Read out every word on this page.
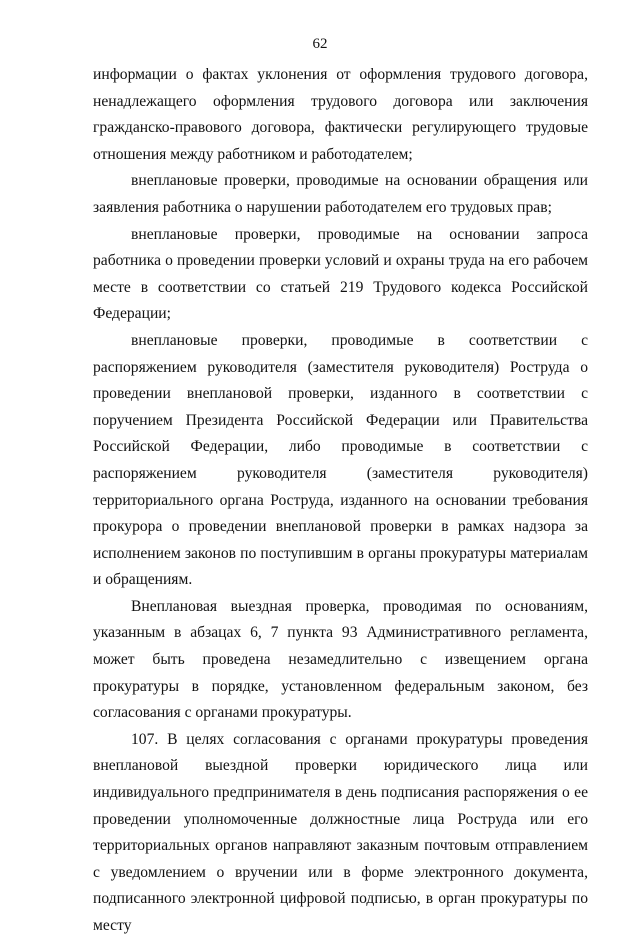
62

информации о фактах уклонения от оформления трудового договора, ненадлежащего оформления трудового договора или заключения гражданско-правового договора, фактически регулирующего трудовые отношения между работником и работодателем;

внеплановые проверки, проводимые на основании обращения или заявления работника о нарушении работодателем его трудовых прав;

внеплановые проверки, проводимые на основании запроса работника о проведении проверки условий и охраны труда на его рабочем месте в соответствии со статьей 219 Трудового кодекса Российской Федерации;

внеплановые проверки, проводимые в соответствии с распоряжением руководителя (заместителя руководителя) Роструда о проведении внеплановой проверки, изданного в соответствии с поручением Президента Российской Федерации или Правительства Российской Федерации, либо проводимые в соответствии с распоряжением руководителя (заместителя руководителя) территориального органа Роструда, изданного на основании требования прокурора о проведении внеплановой проверки в рамках надзора за исполнением законов по поступившим в органы прокуратуры материалам и обращениям.

Внеплановая выездная проверка, проводимая по основаниям, указанным в абзацах 6, 7 пункта 93 Административного регламента, может быть проведена незамедлительно с извещением органа прокуратуры в порядке, установленном федеральным законом, без согласования с органами прокуратуры.

107. В целях согласования с органами прокуратуры проведения внеплановой выездной проверки юридического лица или индивидуального предпринимателя в день подписания распоряжения о ее проведении уполномоченные должностные лица Роструда или его территориальных органов направляют заказным почтовым отправлением с уведомлением о вручении или в форме электронного документа, подписанного электронной цифровой подписью, в орган прокуратуры по месту
